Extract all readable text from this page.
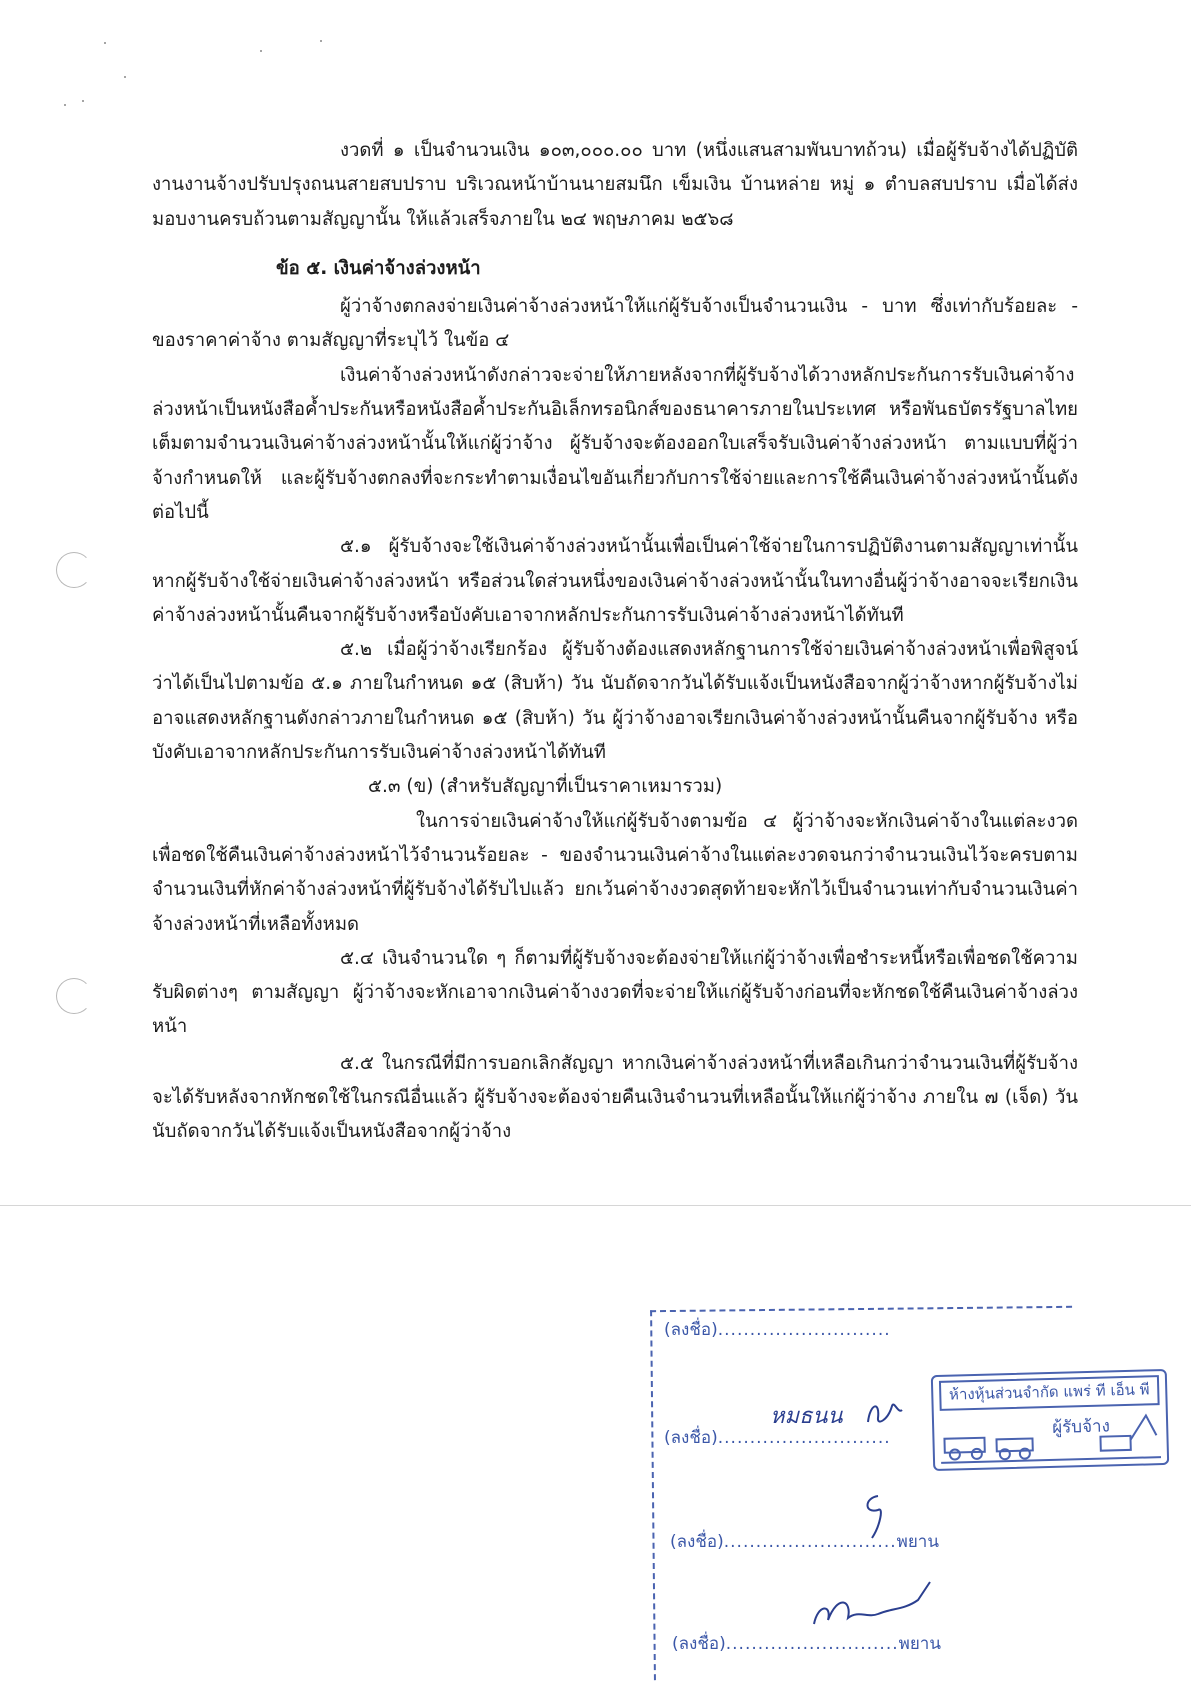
งวดที่ ๑ เป็นจำนวนเงิน ๑๐๓,๐๐๐.๐๐ บาท (หนึ่งแสนสามพันบาทถ้วน) เมื่อผู้รับจ้างได้ปฏิบัติงานงานจ้างปรับปรุงถนนสายสบปราบ บริเวณหน้าบ้านนายสมนึก เข็มเงิน บ้านหล่าย หมู่ ๑ ตำบลสบปราบ เมื่อได้ส่งมอบงานครบถ้วนตามสัญญานั้น ให้แล้วเสร็จภายใน ๒๔ พฤษภาคม ๒๕๖๘

ข้อ ๕. เงินค่าจ้างล่วงหน้า

ผู้ว่าจ้างตกลงจ่ายเงินค่าจ้างล่วงหน้าให้แก่ผู้รับจ้างเป็นจำนวนเงิน - บาท ซึ่งเท่ากับร้อยละ - ของราคาค่าจ้าง ตามสัญญาที่ระบุไว้ ในข้อ ๔

เงินค่าจ้างล่วงหน้าดังกล่าวจะจ่ายให้ภายหลังจากที่ผู้รับจ้างได้วางหลักประกันการรับเงินค่าจ้างล่วงหน้าเป็นหนังสือค้ำประกันหรือหนังสือค้ำประกันอิเล็กทรอนิกส์ของธนาคารภายในประเทศ หรือพันธบัตรรัฐบาลไทย เต็มตามจำนวนเงินค่าจ้างล่วงหน้านั้นให้แก่ผู้ว่าจ้าง ผู้รับจ้างจะต้องออกใบเสร็จรับเงินค่าจ้างล่วงหน้า ตามแบบที่ผู้ว่าจ้างกำหนดให้ และผู้รับจ้างตกลงที่จะกระทำตามเงื่อนไขอันเกี่ยวกับการใช้จ่ายและการใช้คืนเงินค่าจ้างล่วงหน้านั้นดังต่อไปนี้

๕.๑ ผู้รับจ้างจะใช้เงินค่าจ้างล่วงหน้านั้นเพื่อเป็นค่าใช้จ่ายในการปฏิบัติงานตามสัญญาเท่านั้นหากผู้รับจ้างใช้จ่ายเงินค่าจ้างล่วงหน้า หรือส่วนใดส่วนหนึ่งของเงินค่าจ้างล่วงหน้านั้นในทางอื่นผู้ว่าจ้างอาจจะเรียกเงินค่าจ้างล่วงหน้านั้นคืนจากผู้รับจ้างหรือบังคับเอาจากหลักประกันการรับเงินค่าจ้างล่วงหน้าได้ทันที

๕.๒ เมื่อผู้ว่าจ้างเรียกร้อง ผู้รับจ้างต้องแสดงหลักฐานการใช้จ่ายเงินค่าจ้างล่วงหน้าเพื่อพิสูจน์ว่าได้เป็นไปตามข้อ ๕.๑ ภายในกำหนด ๑๕ (สิบห้า) วัน นับถัดจากวันได้รับแจ้งเป็นหนังสือจากผู้ว่าจ้างหากผู้รับจ้างไม่อาจแสดงหลักฐานดังกล่าวภายในกำหนด ๑๕ (สิบห้า) วัน ผู้ว่าจ้างอาจเรียกเงินค่าจ้างล่วงหน้านั้นคืนจากผู้รับจ้าง หรือบังคับเอาจากหลักประกันการรับเงินค่าจ้างล่วงหน้าได้ทันที

๕.๓ (ข) (สำหรับสัญญาที่เป็นราคาเหมารวม)

ในการจ่ายเงินค่าจ้างให้แก่ผู้รับจ้างตามข้อ ๔ ผู้ว่าจ้างจะหักเงินค่าจ้างในแต่ละงวดเพื่อชดใช้คืนเงินค่าจ้างล่วงหน้าไว้จำนวนร้อยละ - ของจำนวนเงินค่าจ้างในแต่ละงวดจนกว่าจำนวนเงินไว้จะครบตามจำนวนเงินที่หักค่าจ้างล่วงหน้าที่ผู้รับจ้างได้รับไปแล้ว ยกเว้นค่าจ้างงวดสุดท้ายจะหักไว้เป็นจำนวนเท่ากับจำนวนเงินค่าจ้างล่วงหน้าที่เหลือทั้งหมด

๕.๔ เงินจำนวนใด ๆ ก็ตามที่ผู้รับจ้างจะต้องจ่ายให้แก่ผู้ว่าจ้างเพื่อชำระหนี้หรือเพื่อชดใช้ความรับผิดต่างๆ ตามสัญญา ผู้ว่าจ้างจะหักเอาจากเงินค่าจ้างงวดที่จะจ่ายให้แก่ผู้รับจ้างก่อนที่จะหักชดใช้คืนเงินค่าจ้างล่วงหน้า

๕.๕ ในกรณีที่มีการบอกเลิกสัญญา หากเงินค่าจ้างล่วงหน้าที่เหลือเกินกว่าจำนวนเงินที่ผู้รับจ้างจะได้รับหลังจากหักชดใช้ในกรณีอื่นแล้ว ผู้รับจ้างจะต้องจ่ายคืนเงินจำนวนที่เหลือนั้นให้แก่ผู้ว่าจ้าง ภายใน ๗ (เจ็ด) วัน นับถัดจากวันได้รับแจ้งเป็นหนังสือจากผู้ว่าจ้าง

(ลงชื่อ)...........................
(ลงชื่อ)...........................
หมธนน
ห้างหุ้นส่วนจำกัด แพร่ ที เอ็น พี
ผู้รับจ้าง
(ลงชื่อ)...........................พยาน
(ลงชื่อ)...........................พยาน
